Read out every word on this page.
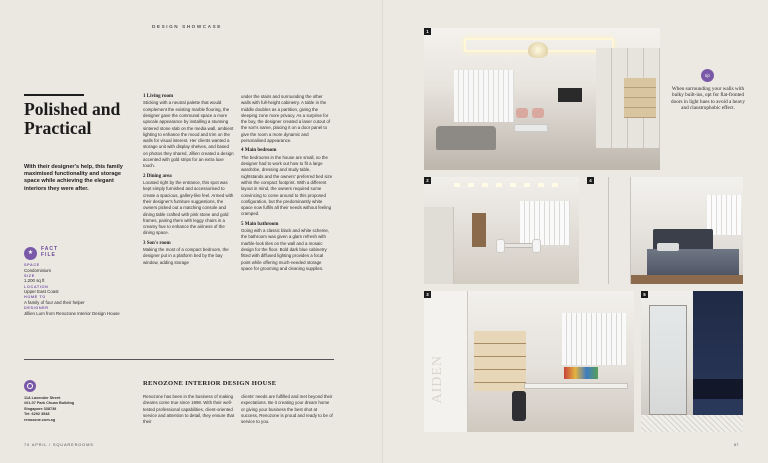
DESIGN SHOWCASE
Polished and Practical
With their designer's help, this family maximised functionality and storage space while achieving the elegant interiors they were after.
★
FACT
FILE
SPACE
Condominium
SIZE
1,200 sq ft
LOCATION
Upper East Coast
HOME TO
A family of four and their helper
DESIGNER
Jillien Lum from Renozone Interior Design House
1 Living room
Sticking with a neutral palette that would complement the existing marble flooring, the designer gave the communal space a more upscale appearance by installing a stunning sintered stone slab on the media wall, ambient lighting to enhance the mood and trim on the walls for visual interest. Her clients wanted a storage unit with display shelves, and based on photos they shared, Jillien created a design accented with gold strips for an extra luxe touch.
2 Dining area
Located right by the entrance, this spot was kept simply furnished and accessorised to create a spacious, gallery-like feel. Armed with their designer's furniture suggestions, the owners picked out a matching console and dining table crafted with pink stone and gold frames, pairing them with leggy chairs in a creamy hue to enhance the airiness of the dining space.
3 Son's room
Making the most of a compact bedroom, the designer put in a platform bed by the bay window, adding storage
under the stairs and surrounding the other walls with full-height cabinetry. A table in the middle doubles as a partition, giving the sleeping zone more privacy. As a surprise for the boy, the designer created a laser cutout of the son's name, placing it on a door panel to give the room a more dynamic and personalised appearance.
4 Main bedroom
The bedrooms in the house are small, so the designer had to work out how to fit a large wardrobe, dressing and study table, nightstands and the owners' preferred bed size within the compact footprint. With a different layout in mind, the owners required some convincing to come around to this proposed configuration, but the predominantly white space now fulfils all their needs without feeling cramped.
5 Main bathroom
Going with a classic black and white scheme, the bathroom was given a glam refresh with marble-look tiles on the wall and a mosaic design for the floor. Bold dark blue cabinetry fitted with diffused lighting provides a focal point while offering much-needed storage space for grooming and cleaning supplies.
11A Lavender Street
#01-07 Park Chuan Building
Singapore 338739
Tel: 6292 3548
renozone.com.sg
RENOZONE INTERIOR DESIGN HOUSE
Renozone has been in the business of making dreams come true since 1998. With their well-tested professional capabilities, client-oriented service and attention to detail, they ensure that their
clients' needs are fulfilled and met beyond their expectations. Be it creating your dream home or giving your business the best shot at success, Renozone is proud and ready to be of service to you.
70 APRIL / SQUAREROOMS
1
tip
When surrounding your walls with bulky built-ins, opt for flat-fronted doors in light hues to avoid a heavy and claustrophobic effect.
2	4
3
AIDEN
5
67
